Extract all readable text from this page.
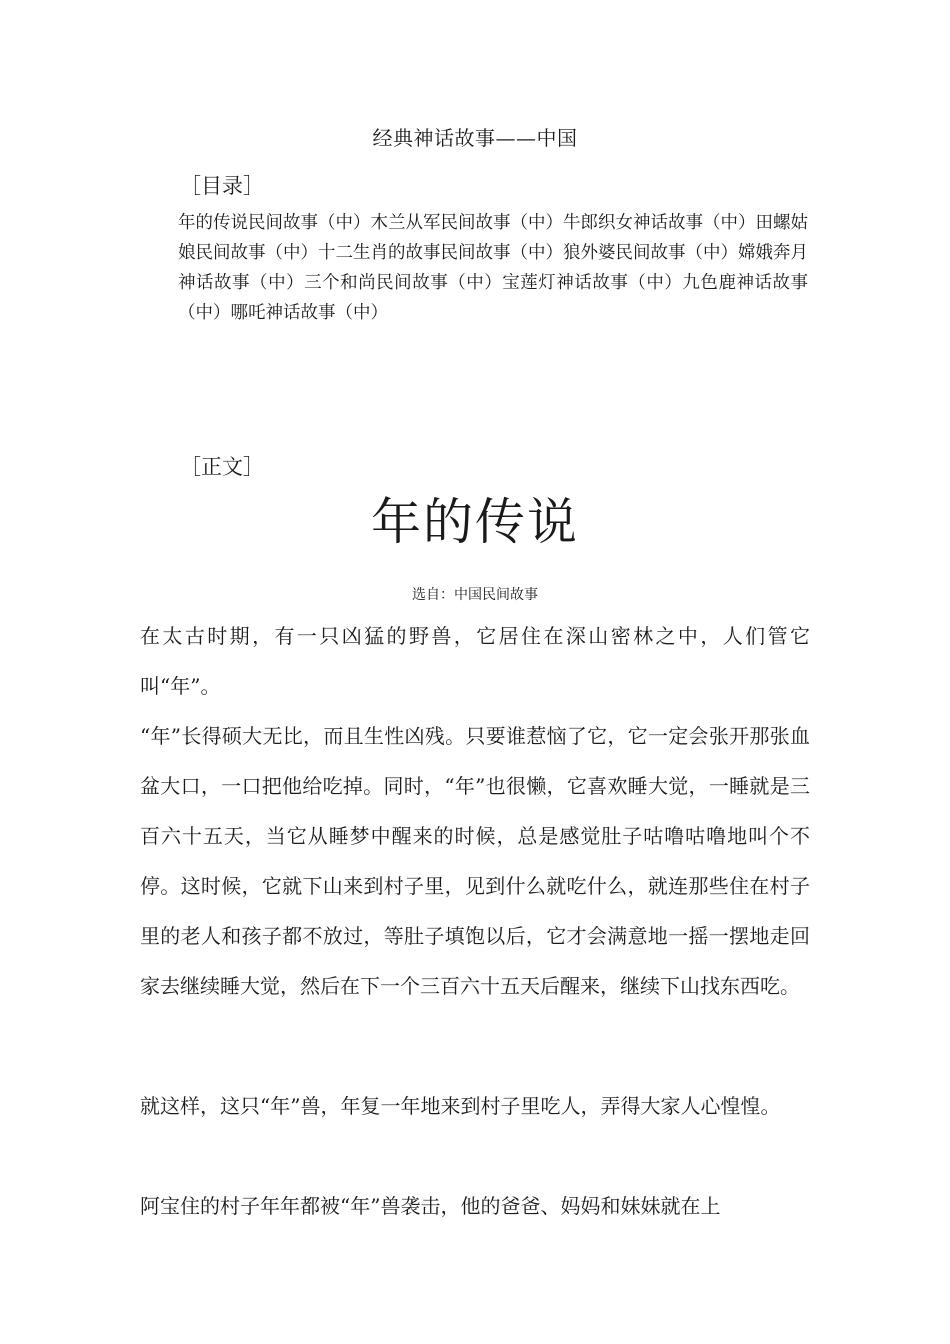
经典神话故事——中国
［目录］
年的传说民间故事（中）木兰从军民间故事（中）牛郎织女神话故事（中）田螺姑娘民间故事（中）十二生肖的故事民间故事（中）狼外婆民间故事（中）嫦娥奔月神话故事（中）三个和尚民间故事（中）宝莲灯神话故事（中）九色鹿神话故事（中）哪吒神话故事（中）
［正文］
年的传说
选自：中国民间故事
在太古时期，有一只凶猛的野兽，它居住在深山密林之中，人们管它叫“年”。
“年”长得硕大无比，而且生性凶残。只要谁惹恼了它，它一定会张开那张血盆大口，一口把他给吃掉。同时，“年”也很懒，它喜欢睡大觉，一睡就是三百六十五天，当它从睡梦中醒来的时候，总是感觉肚子咕噜咕噜地叫个不停。这时候，它就下山来到村子里，见到什么就吃什么，就连那些住在村子里的老人和孩子都不放过，等肚子填饱以后，它才会满意地一摇一摆地走回家去继续睡大觉，然后在下一个三百六十五天后醒来，继续下山找东西吃。
就这样，这只“年”兽，年复一年地来到村子里吃人，弄得大家人心惶惶。
阿宝住的村子年年都被“年”兽袭击，他的爸爸、妈妈和妹妹就在上
